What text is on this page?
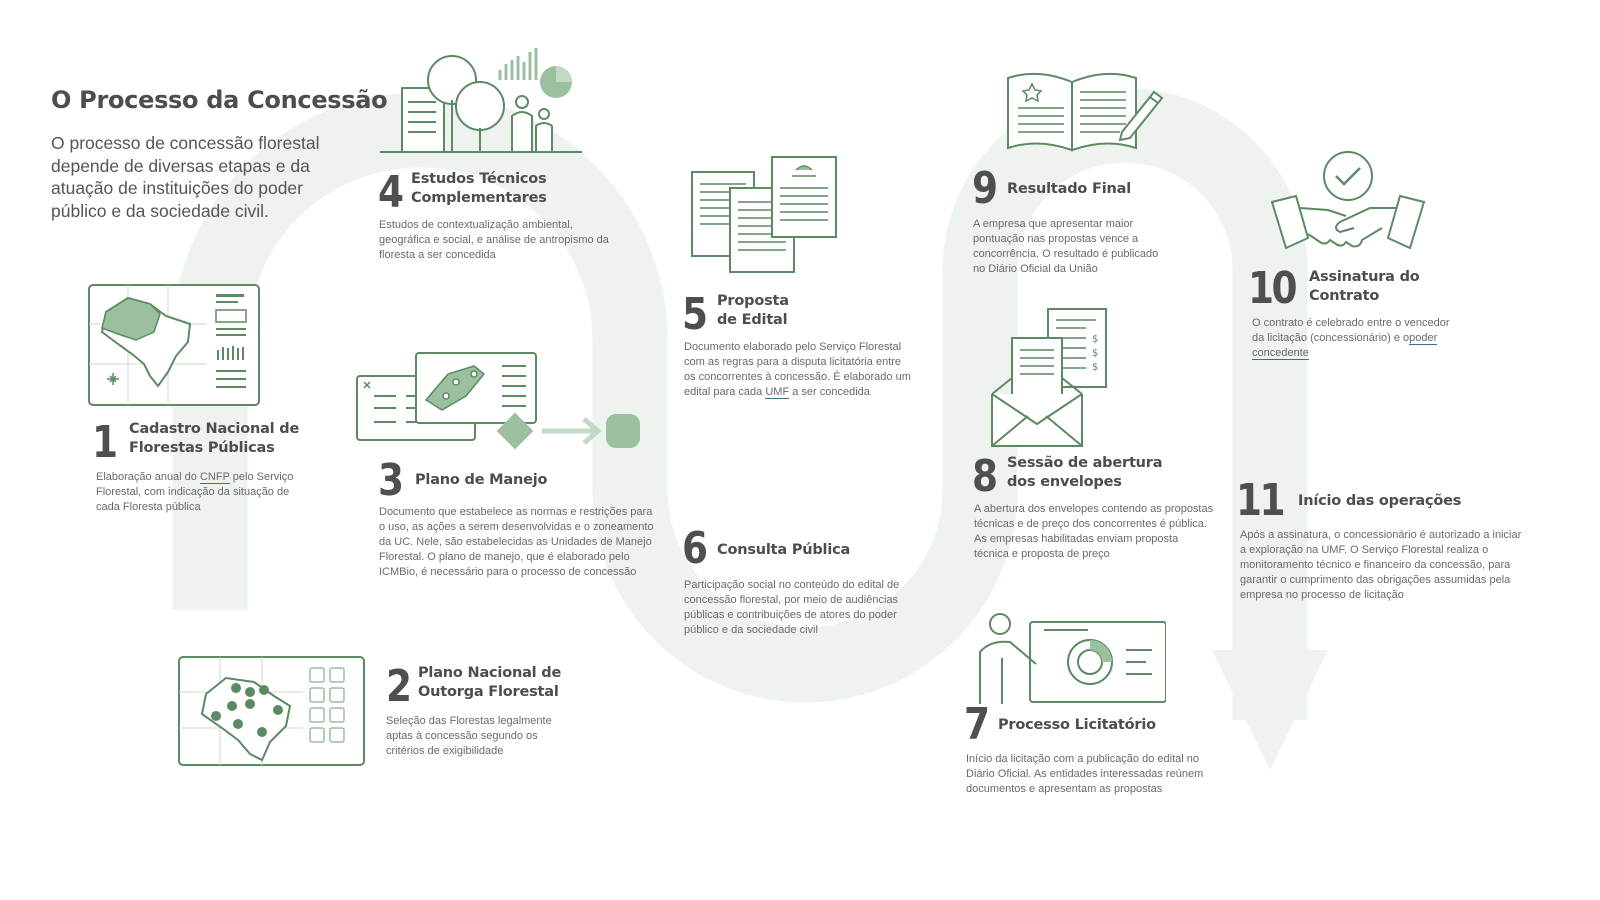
O Processo da Concessão
O processo de concessão florestal depende de diversas etapas e da atuação de instituições do poder público e da sociedade civil.
$
$
$
1 Cadastro Nacional de
Florestas Públicas
Elaboração anual do CNFP pelo Serviço Florestal, com indicação da situação de cada Floresta pública
2 Plano Nacional de
Outorga Florestal
Seleção das Florestas legalmente aptas à concessão segundo os critérios de exigibilidade
3 Plano de Manejo
Documento que estabelece as normas e restrições para o uso, as ações a serem desenvolvidas e o zoneamento da UC. Nele, são estabelecidas as Unidades de Manejo Florestal. O plano de manejo, que é elaborado pelo ICMBio, é necessário para o processo de concessão
4 Estudos Técnicos
Complementares
Estudos de contextualização ambiental, geográfica e social, e análise de antropismo da floresta a ser concedida
5 Proposta
de Edital
Documento elaborado pelo Serviço Florestal com as regras para a disputa licitatória entre os concorrentes à concessão. É elaborado um edital para cada UMF a ser concedida
6 Consulta Pública
Participação social no conteúdo do edital de concessão florestal, por meio de audiências públicas e contribuições de atores do poder público e da sociedade civil
7 Processo Licitatório
Início da licitação com a publicação do edital no Diário Oficial. As entidades interessadas reúnem documentos e apresentam as propostas
8 Sessão de abertura
dos envelopes
A abertura dos envelopes contendo as propostas técnicas e de preço dos concorrentes é pública. As empresas habilitadas enviam proposta técnica e proposta de preço
9 Resultado Final
A empresa que apresentar maior pontuação nas propostas vence a concorrência. O resultado é publicado no Diário Oficial da União	10 Assinatura do
Contrato
O contrato é celebrado entre o vencedor da licitação (concessionário) e opoder concedente
11 Início das operações
Após a assinatura, o concessionário é autorizado a iniciar a exploração na UMF. O Serviço Florestal realiza o monitoramento técnico e financeiro da concessão, para garantir o cumprimento das obrigações assumidas pela empresa no processo de licitação
